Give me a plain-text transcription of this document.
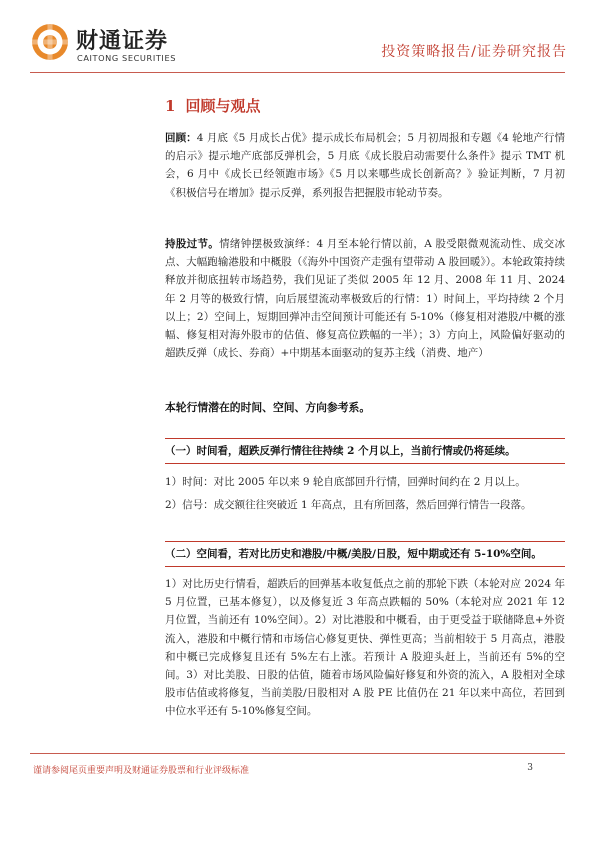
财通证券
CAITONG SECURITIES	投资策略报告/证券研究报告
1 回顾与观点

回顾：4 月底《5 月成长占优》提示成长布局机会；5 月初周报和专题《4 轮地产行情的启示》提示地产底部反弹机会，5 月底《成长股启动需要什么条件》提示 TMT 机会，6 月中《成长已经领跑市场》《5 月以来哪些成长创新高？》验证判断，7 月初《积极信号在增加》提示反弹，系列报告把握股市轮动节奏。

持股过节。情绪钟摆极致演绎：4 月至本轮行情以前，A 股受限微观流动性、成交冰点、大幅跑输港股和中概股（《海外中国资产走强有望带动 A 股回暖》）。本轮政策持续释放并彻底扭转市场趋势，我们见证了类似 2005 年 12 月、2008 年 11 月、2024 年 2 月等的极致行情，向后展望流动率极致后的行情：1）时间上，平均持续 2 个月以上；2）空间上，短期回弹冲击空间预计可能还有 5-10%（修复相对港股/中概的涨幅、修复相对海外股市的估值、修复高位跌幅的一半）；3）方向上，风险偏好驱动的超跌反弹（成长、券商）+中期基本面驱动的复苏主线（消费、地产）

本轮行情潜在的时间、空间、方向参考系。
（一）时间看，超跌反弹行情往往持续 2 个月以上，当前行情或仍将延续。

1）时间：对比 2005 年以来 9 轮自底部回升行情，回弹时间约在 2 月以上。

2）信号：成交额往往突破近 1 年高点，且有所回落，然后回弹行情告一段落。

（二）空间看，若对比历史和港股/中概/美股/日股，短中期或还有 5-10%空间。

1）对比历史行情看，超跌后的回弹基本收复低点之前的那轮下跌（本轮对应 2024 年 5 月位置，已基本修复），以及修复近 3 年高点跌幅的 50%（本轮对应 2021 年 12 月位置，当前还有 10%空间）。2）对比港股和中概看，由于更受益于联储降息+外资流入，港股和中概行情和市场信心修复更快、弹性更高；当前相较于 5 月高点，港股和中概已完成修复且还有 5%左右上涨。若预计 A 股迎头赶上，当前还有 5%的空间。3）对比美股、日股的估值，随着市场风险偏好修复和外资的流入，A 股相对全球股市估值或将修复，当前美股/日股相对 A 股 PE 比值仍在 21 年以来中高位，若回到中位水平还有 5-10%修复空间。

谨请参阅尾页重要声明及财通证券股票和行业评级标准	3
